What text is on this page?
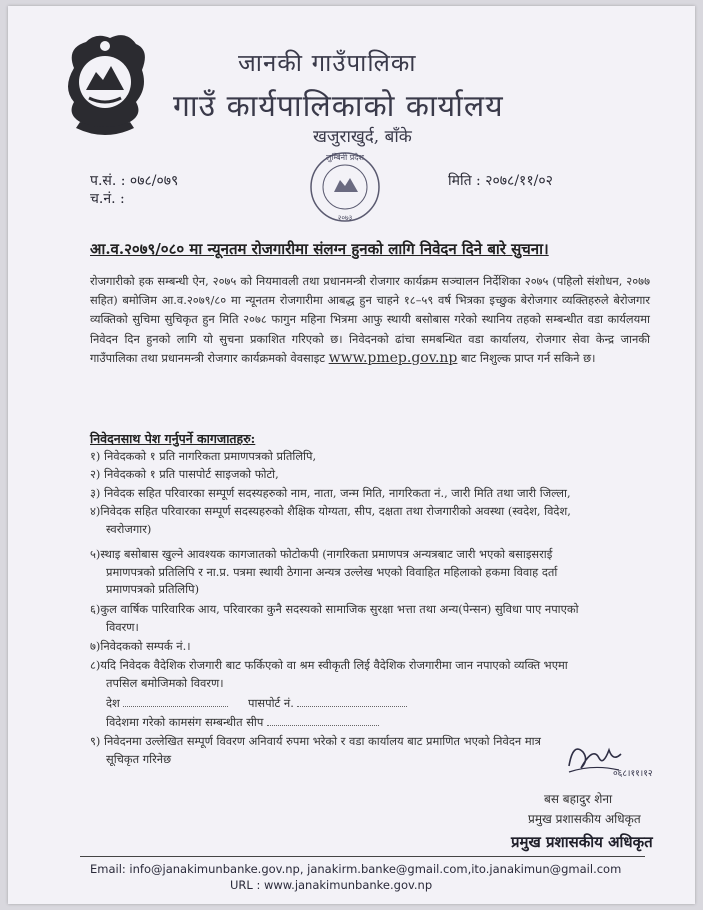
जानकी गाउँपालिका
गाउँ कार्यपालिकाको कार्यालय
खजुराखुर्द, बाँके
प.सं. : ०७८/०७९
च.नं. :
मिति : २०७८/११/०२
लुम्बिनी प्रदेश
२०७३
आ.व.२०७९/०८० मा न्यूनतम रोजगारीमा संलग्न हुनको लागि निवेदन दिने बारे सुचना।
रोजगारीको हक सम्बन्धी ऐन, २०७५ को नियमावली तथा प्रधानमन्त्री रोजगार कार्यक्रम सञ्चालन निर्देशिका २०७५ (पहिलो संशोधन, २०७७ सहित) बमोजिम आ.व.२०७९/८० मा न्यूनतम रोजगारीमा आबद्ध हुन चाहने १८–५९ वर्ष भित्रका इच्छुक बेरोजगार व्यक्तिहरुले बेरोजगार व्यक्तिको सुचिमा सुचिकृत हुन मिति २०७८ फागुन महिना भित्रमा आफु स्थायी बसोबास गरेको स्थानिय तहको सम्बन्धीत वडा कार्यलयमा निवेदन दिन हुनको लागि यो सुचना प्रकाशित गरिएको छ। निवेदनको ढांचा समबन्धित वडा कार्यालय, रोजगार सेवा केन्द्र जानकी गाउँपालिका तथा प्रधानमन्त्री रोजगार कार्यक्रमको वेवसाइट www.pmep.gov.np बाट निशुल्क प्राप्त गर्न सकिने छ।
निवेदनसाथ पेश गर्नुपर्ने कागजातहरु:
१) निवेदकको १ प्रति नागरिकता प्रमाणपत्रको प्रतिलिपि,
२) निवेदकको १ प्रति पासपोर्ट साइजको फोटो,
३) निवेदक सहित परिवारका सम्पूर्ण सदस्यहरुको नाम, नाता, जन्म मिति, नागरिकता नं., जारी मिति तथा जारी जिल्ला,
४)निवेदक सहित परिवारका सम्पूर्ण सदस्यहरुको शैक्षिक योग्यता, सीप, दक्षता तथा रोजगारीको अवस्था (स्वदेश, विदेश,
स्वरोजगार)
५)स्थाइ बसोबास खुल्ने आवश्यक कागजातको फोटोकपी (नागरिकता प्रमाणपत्र अन्यत्रबाट जारी भएको बसाइसराई
प्रमाणपत्रको प्रतिलिपि र ना.प्र. पत्रमा स्थायी ठेगाना अन्यत्र उल्लेख भएको विवाहित महिलाको हकमा विवाह दर्ता
प्रमाणपत्रको प्रतिलिपि)
६)कुल वार्षिक पारिवारिक आय, परिवारका कुनै सदस्यको सामाजिक सुरक्षा भत्ता तथा अन्य(पेन्सन) सुविधा पाए नपाएको
विवरण।
७)निवेदकको सम्पर्क नं.।
८)यदि निवेदक वैदेशिक रोजगारी बाट फर्किएको वा श्रम स्वीकृती लिई वैदेशिक रोजगारीमा जान नपाएको व्यक्ति भएमा
तपसिल बमोजिमको विवरण।
देश	पासपोर्ट नं.
विदेशमा गरेको कामसंग सम्बन्धीत सीप
९) निवेदनमा उल्लेखित सम्पूर्ण विवरण अनिवार्य रुपमा भरेको र वडा कार्यालय बाट प्रमाणित भएको निवेदन मात्र
सूचिकृत गरिनेछ
०६८।११।१२
बस बहादुर शेना
प्रमुख प्रशासकीय अधिकृत
प्रमुख प्रशासकीय अधिकृत
Email: info@janakimunbanke.gov.np, janakirm.banke@gmail.com,ito.janakimun@gmail.com
URL : www.janakimunbanke.gov.np
